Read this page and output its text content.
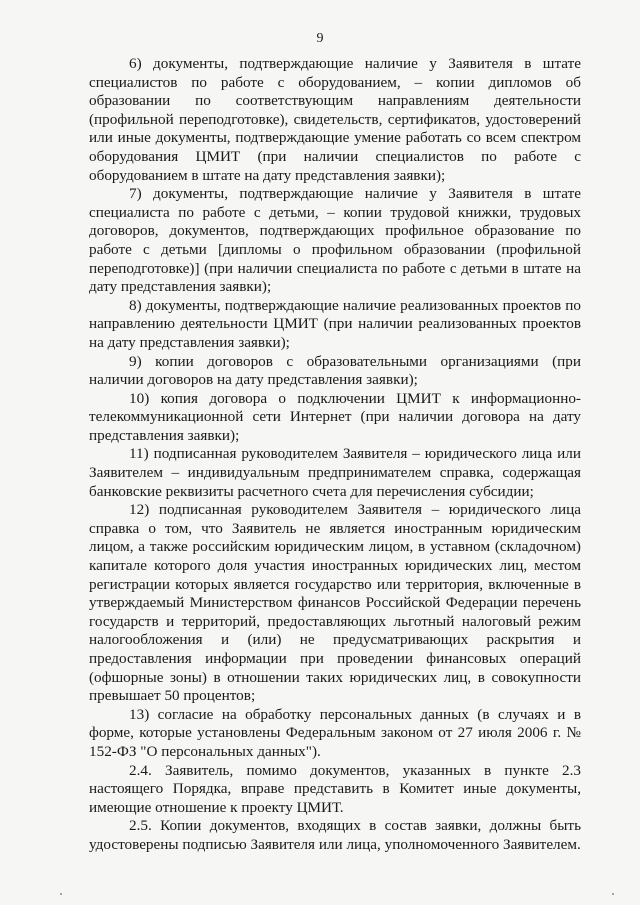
9

6) документы, подтверждающие наличие у Заявителя в штате специалистов по работе с оборудованием, – копии дипломов об образовании по соответствующим направлениям деятельности (профильной переподготовке), свидетельств, сертификатов, удостоверений или иные документы, подтверждающие умение работать со всем спектром оборудования ЦМИТ (при наличии специалистов по работе с оборудованием в штате на дату представления заявки);

7) документы, подтверждающие наличие у Заявителя в штате специалиста по работе с детьми, – копии трудовой книжки, трудовых договоров, документов, подтверждающих профильное образование по работе с детьми [дипломы о профильном образовании (профильной переподготовке)] (при наличии специалиста по работе с детьми в штате на дату представления заявки);

8) документы, подтверждающие наличие реализованных проектов по направлению деятельности ЦМИТ (при наличии реализованных проектов на дату представления заявки);

9) копии договоров с образовательными организациями (при наличии договоров на дату представления заявки);

10) копия договора о подключении ЦМИТ к информационно-телекоммуникационной сети Интернет (при наличии договора на дату представления заявки);

11) подписанная руководителем Заявителя – юридического лица или Заявителем – индивидуальным предпринимателем справка, содержащая банковские реквизиты расчетного счета для перечисления субсидии;

12) подписанная руководителем Заявителя – юридического лица справка о том, что Заявитель не является иностранным юридическим лицом, а также российским юридическим лицом, в уставном (складочном) капитале которого доля участия иностранных юридических лиц, местом регистрации которых является государство или территория, включенные в утверждаемый Министерством финансов Российской Федерации перечень государств и территорий, предоставляющих льготный налоговый режим налогообложения и (или) не предусматривающих раскрытия и предоставления информации при проведении финансовых операций (офшорные зоны) в отношении таких юридических лиц, в совокупности превышает 50 процентов;

13) согласие на обработку персональных данных (в случаях и в форме, которые установлены Федеральным законом от 27 июля 2006 г. № 152-ФЗ "О персональных данных").

2.4. Заявитель, помимо документов, указанных в пункте 2.3 настоящего Порядка, вправе представить в Комитет иные документы, имеющие отношение к проекту ЦМИТ.

2.5. Копии документов, входящих в состав заявки, должны быть удостоверены подписью Заявителя или лица, уполномоченного Заявителем.
